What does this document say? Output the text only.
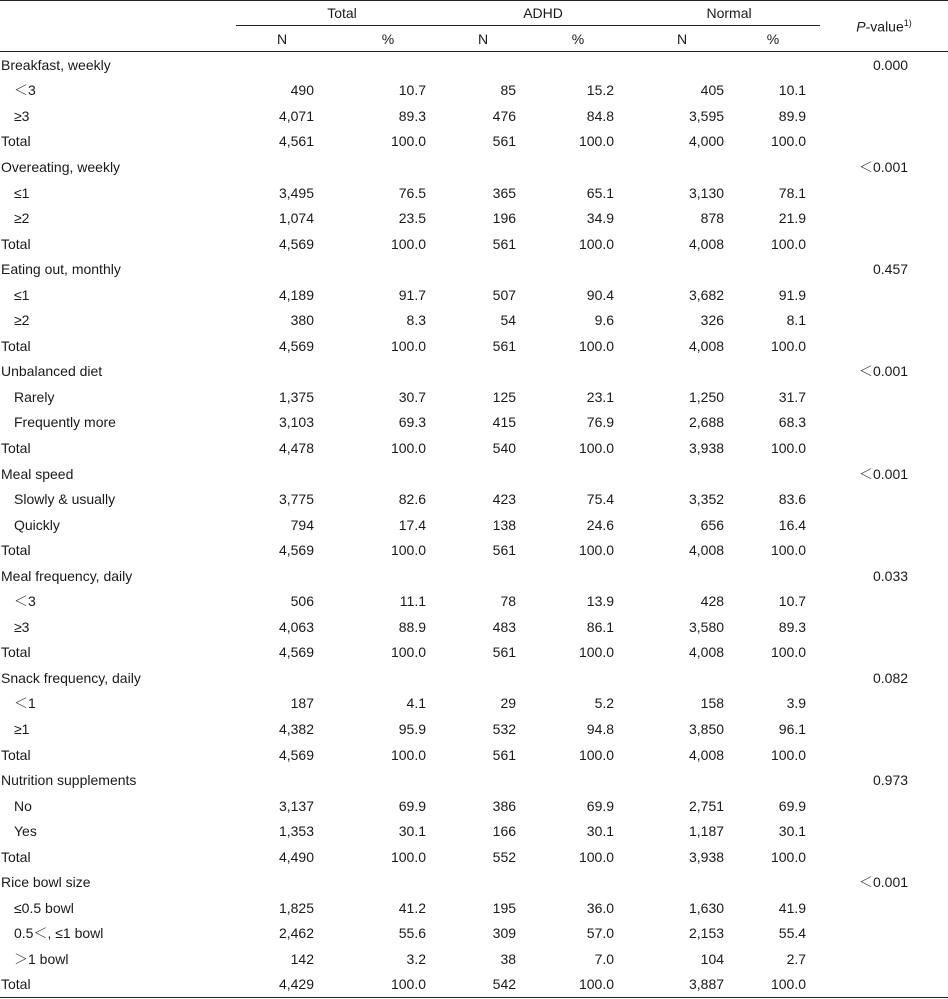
	Total		ADHD		Normal		P-value$^{1)}$
	N	%	N	%	N	%	
Breakfast, weekly							0.000
＜3	490	10.7	85	15.2	405	10.1	
≥3	4,071	89.3	476	84.8	3,595	89.9	
Total	4,561	100.0	561	100.0	4,000	100.0	
Overeating, weekly							＜0.001
≤1	3,495	76.5	365	65.1	3,130	78.1	
≥2	1,074	23.5	196	34.9	878	21.9	
Total	4,569	100.0	561	100.0	4,008	100.0	
Eating out, monthly							0.457
≤1	4,189	91.7	507	90.4	3,682	91.9	
≥2	380	8.3	54	9.6	326	8.1	
Total	4,569	100.0	561	100.0	4,008	100.0	
Unbalanced diet							＜0.001
Rarely	1,375	30.7	125	23.1	1,250	31.7	
Frequently more	3,103	69.3	415	76.9	2,688	68.3	
Total	4,478	100.0	540	100.0	3,938	100.0	
Meal speed							＜0.001
Slowly & usually	3,775	82.6	423	75.4	3,352	83.6	
Quickly	794	17.4	138	24.6	656	16.4	
Total	4,569	100.0	561	100.0	4,008	100.0	
Meal frequency, daily							0.033
＜3	506	11.1	78	13.9	428	10.7	
≥3	4,063	88.9	483	86.1	3,580	89.3	
Total	4,569	100.0	561	100.0	4,008	100.0	
Snack frequency, daily							0.082
＜1	187	4.1	29	5.2	158	3.9	
≥1	4,382	95.9	532	94.8	3,850	96.1	
Total	4,569	100.0	561	100.0	4,008	100.0	
Nutrition supplements							0.973
No	3,137	69.9	386	69.9	2,751	69.9	
Yes	1,353	30.1	166	30.1	1,187	30.1	
Total	4,490	100.0	552	100.0	3,938	100.0	
Rice bowl size							＜0.001
≤0.5 bowl	1,825	41.2	195	36.0	1,630	41.9	
0.5＜, ≤1 bowl	2,462	55.6	309	57.0	2,153	55.4	
＞1 bowl	142	3.2	38	7.0	104	2.7	
Total	4,429	100.0	542	100.0	3,887	100.0	
